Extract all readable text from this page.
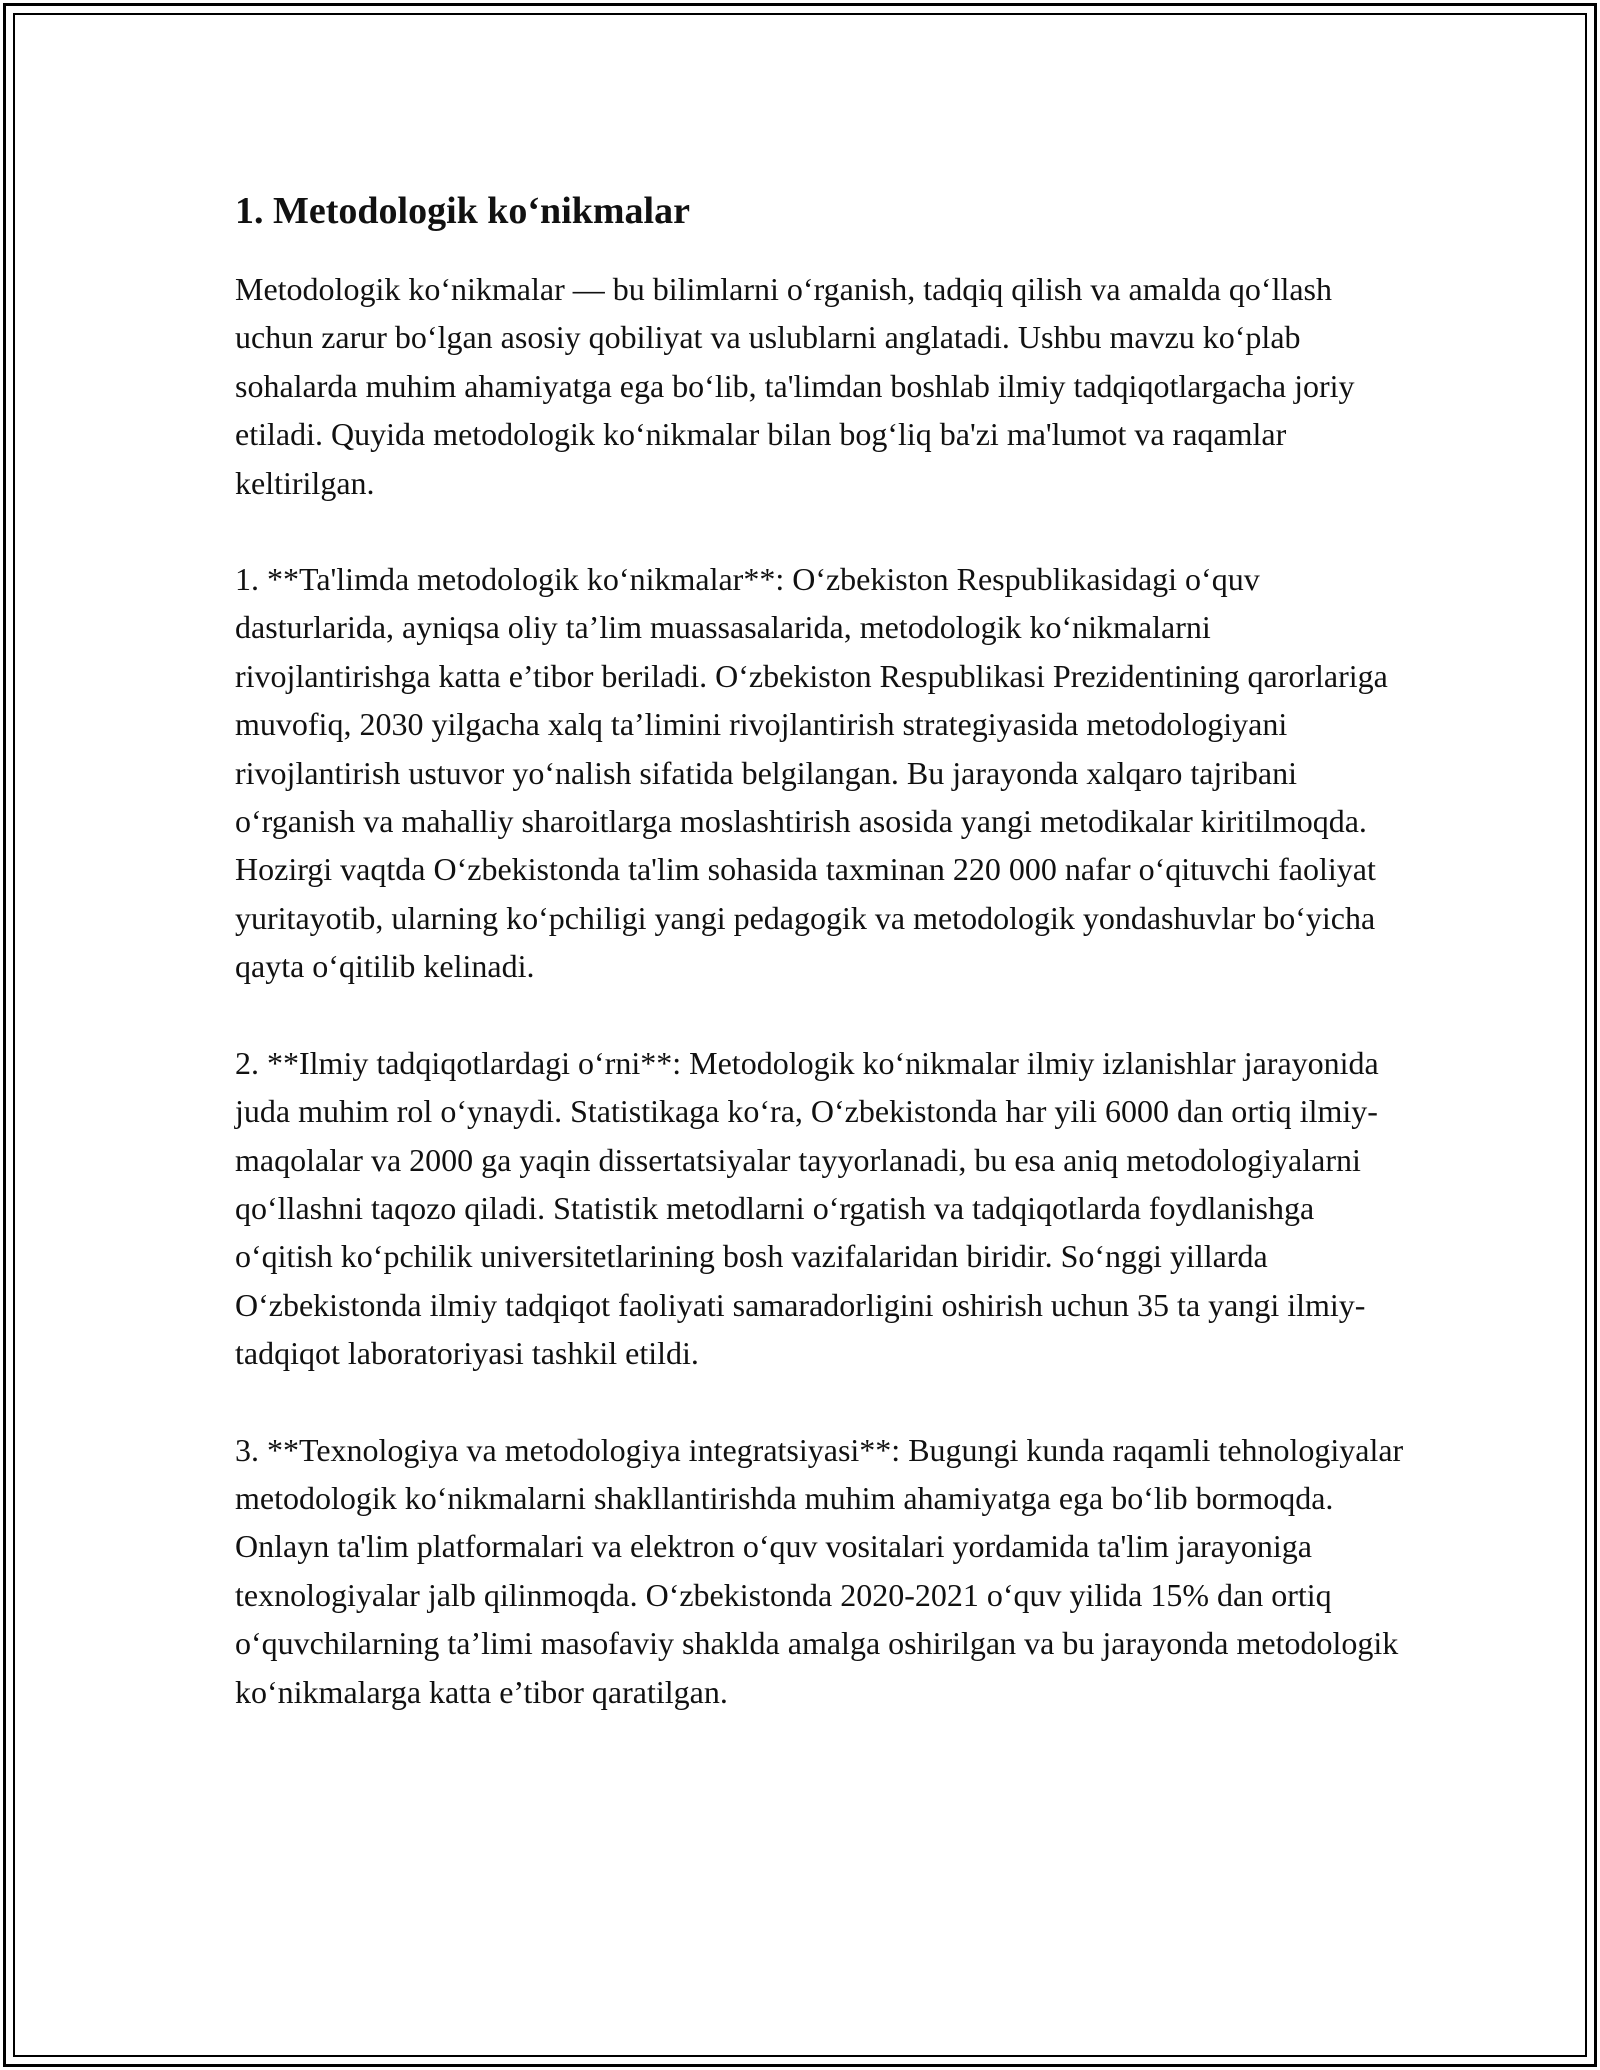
1. Metodologik ko‘nikmalar

Metodologik ko‘nikmalar — bu bilimlarni o‘rganish, tadqiq qilish va amalda qo‘llash uchun zarur bo‘lgan asosiy qobiliyat va uslublarni anglatadi. Ushbu mavzu ko‘plab sohalarda muhim ahamiyatga ega bo‘lib, ta'limdan boshlab ilmiy tadqiqotlargacha joriy etiladi. Quyida metodologik ko‘nikmalar bilan bog‘liq ba'zi ma'lumot va raqamlar keltirilgan.

1. **Ta'limda metodologik ko‘nikmalar**: O‘zbekiston Respublikasidagi o‘quv dasturlarida, ayniqsa oliy ta’lim muassasalarida, metodologik ko‘nikmalarni rivojlantirishga katta e’tibor beriladi. O‘zbekiston Respublikasi Prezidentining qarorlariga muvofiq, 2030 yilgacha xalq ta’limini rivojlantirish strategiyasida metodologiyani rivojlantirish ustuvor yo‘nalish sifatida belgilangan. Bu jarayonda xalqaro tajribani o‘rganish va mahalliy sharoitlarga moslashtirish asosida yangi metodikalar kiritilmoqda. Hozirgi vaqtda O‘zbekistonda ta'lim sohasida taxminan 220 000 nafar o‘qituvchi faoliyat yuritayotib, ularning ko‘pchiligi yangi pedagogik va metodologik yondashuvlar bo‘yicha qayta o‘qitilib kelinadi.

2. **Ilmiy tadqiqotlardagi o‘rni**: Metodologik ko‘nikmalar ilmiy izlanishlar jarayonida juda muhim rol o‘ynaydi. Statistikaga ko‘ra, O‘zbekistonda har yili 6000 dan ortiq ilmiy-maqolalar va 2000 ga yaqin dissertatsiyalar tayyorlanadi, bu esa aniq metodologiyalarni qo‘llashni taqozo qiladi. Statistik metodlarni o‘rgatish va tadqiqotlarda foydlanishga o‘qitish ko‘pchilik universitetlarining bosh vazifalaridan biridir. So‘nggi yillarda O‘zbekistonda ilmiy tadqiqot faoliyati samaradorligini oshirish uchun 35 ta yangi ilmiy-tadqiqot laboratoriyasi tashkil etildi.

3. **Texnologiya va metodologiya integratsiyasi**: Bugungi kunda raqamli tehnologiyalar metodologik ko‘nikmalarni shakllantirishda muhim ahamiyatga ega bo‘lib bormoqda. Onlayn ta'lim platformalari va elektron o‘quv vositalari yordamida ta'lim jarayoniga texnologiyalar jalb qilinmoqda. O‘zbekistonda 2020-2021 o‘quv yilida 15% dan ortiq o‘quvchilarning ta’limi masofaviy shaklda amalga oshirilgan va bu jarayonda metodologik ko‘nikmalarga katta e’tibor qaratilgan.
